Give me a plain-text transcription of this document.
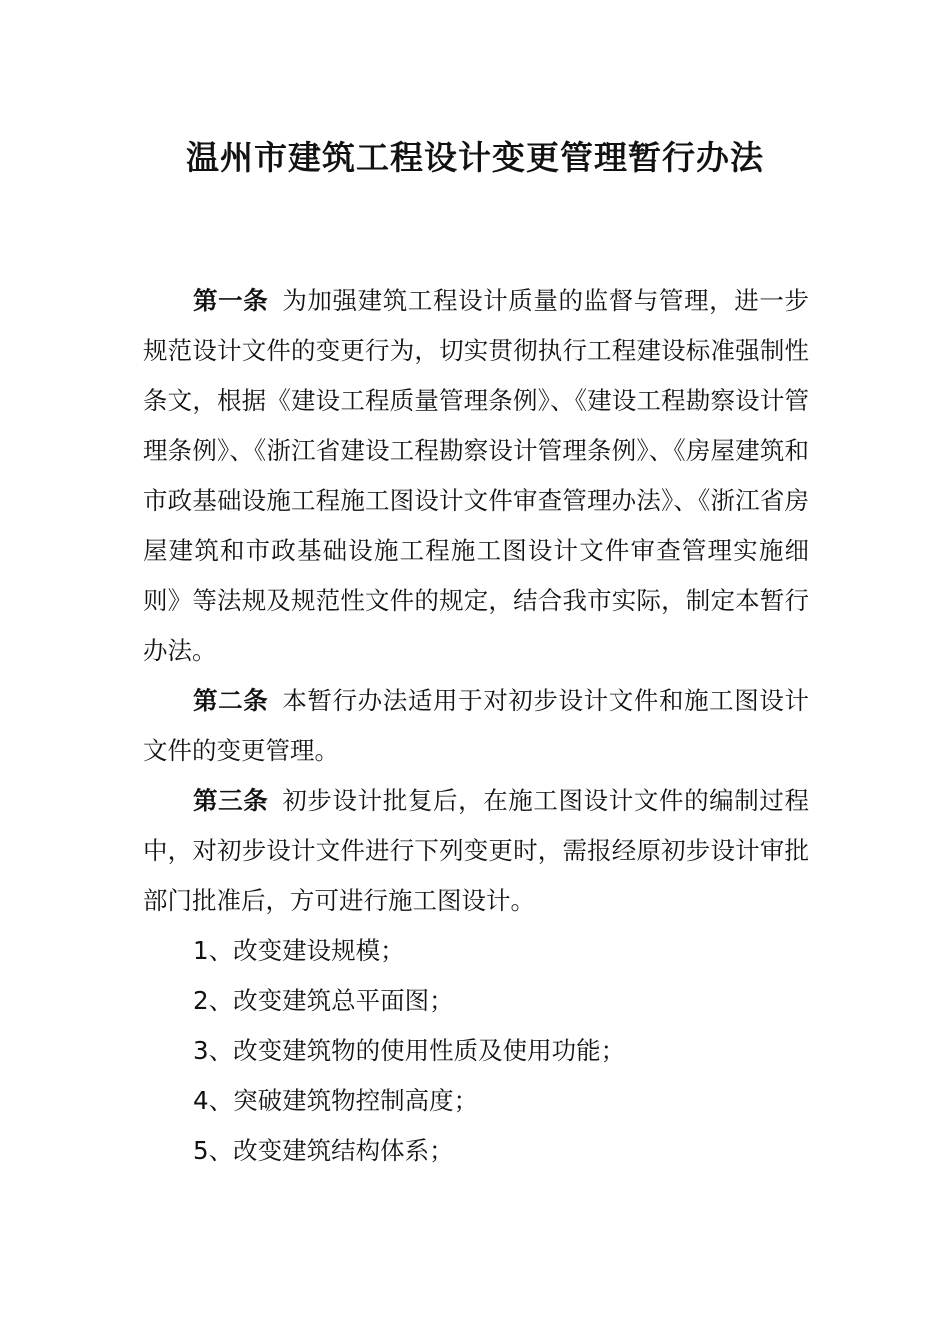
温州市建筑工程设计变更管理暂行办法

第一条 为加强建筑工程设计质量的监督与管理，进一步规范设计文件的变更行为，切实贯彻执行工程建设标准强制性条文，根据《建设工程质量管理条例》、《建设工程勘察设计管理条例》、《浙江省建设工程勘察设计管理条例》、《房屋建筑和市政基础设施工程施工图设计文件审查管理办法》、《浙江省房屋建筑和市政基础设施工程施工图设计文件审查管理实施细则》等法规及规范性文件的规定，结合我市实际，制定本暂行办法。

第二条 本暂行办法适用于对初步设计文件和施工图设计文件的变更管理。

第三条 初步设计批复后，在施工图设计文件的编制过程中，对初步设计文件进行下列变更时，需报经原初步设计审批部门批准后，方可进行施工图设计。

1、改变建设规模；
2、改变建筑总平面图；
3、改变建筑物的使用性质及使用功能；
4、突破建筑物控制高度；
5、改变建筑结构体系；
